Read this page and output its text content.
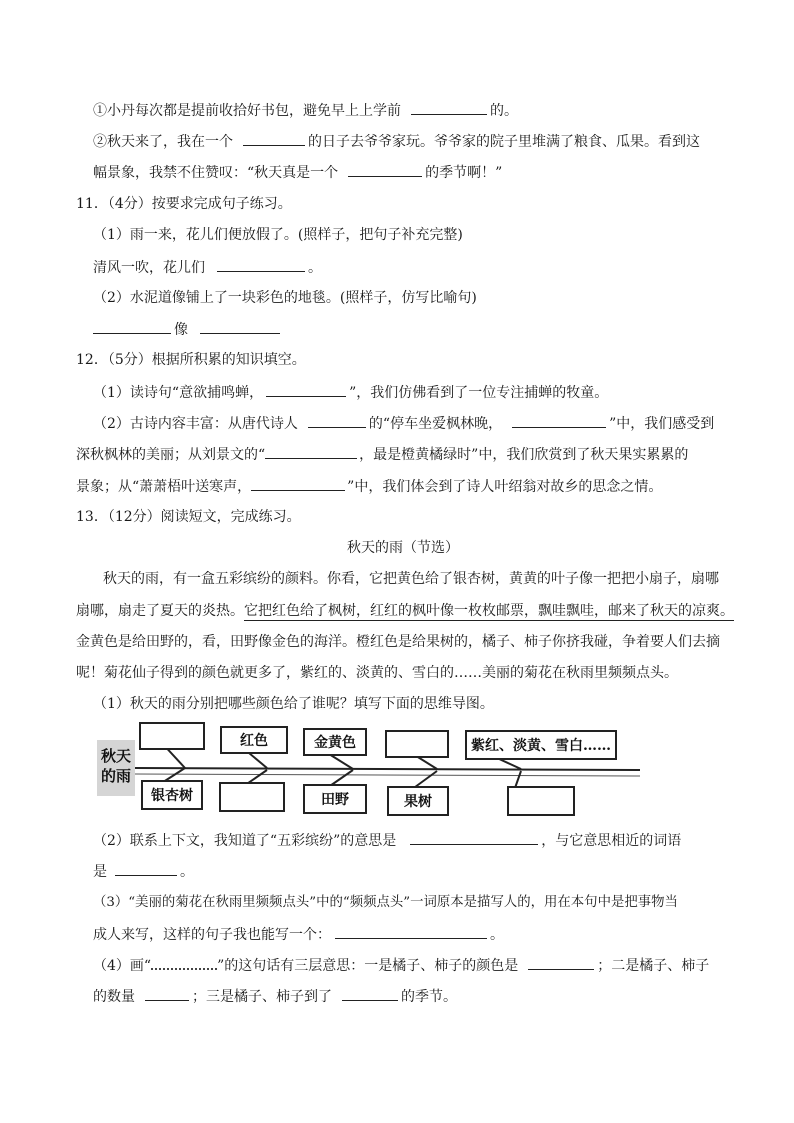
①小丹每次都是提前收拾好书包，避免早上上学前	的。
②秋天来了，我在一个	的日子去爷爷家玩。爷爷家的院子里堆满了粮食、瓜果。看到这
幅景象，我禁不住赞叹：“秋天真是一个	的季节啊！”
11．（4分）按要求完成句子练习。
（1）雨一来，花儿们便放假了。(照样子，把句子补充完整)
清风一吹，花儿们	。
（2）水泥道像铺上了一块彩色的地毯。(照样子，仿写比喻句)
像
12．（5分）根据所积累的知识填空。
（1）读诗句“意欲捕鸣蝉，	”，我们仿佛看到了一位专注捕蝉的牧童。
（2）古诗内容丰富：从唐代诗人	的“停车坐爱枫林晚，	”中，我们感受到
深秋枫林的美丽；从刘景文的“	，最是橙黄橘绿时”中，我们欣赏到了秋天果实累累的
景象；从“萧萧梧叶送寒声，	”中，我们体会到了诗人叶绍翁对故乡的思念之情。
13．（12分）阅读短文，完成练习。
秋天的雨（节选）
秋天的雨，有一盒五彩缤纷的颜料。你看，它把黄色给了银杏树，黄黄的叶子像一把把小扇子，扇哪
扇哪，扇走了夏天的炎热。它把红色给了枫树，红红的枫叶像一枚枚邮票，飘哇飘哇，邮来了秋天的凉爽。
金黄色是给田野的，看，田野像金色的海洋。橙红色是给果树的，橘子、柿子你挤我碰，争着要人们去摘
呢！菊花仙子得到的颜色就更多了，紫红的、淡黄的、雪白的……美丽的菊花在秋雨里频频点头。
（1）秋天的雨分别把哪些颜色给了谁呢？填写下面的思维导图。
秋天的雨
红色	金黄色	紫红、淡黄、雪白……
银杏树	田野	果树
（2）联系上下文，我知道了“五彩缤纷”的意思是	，与它意思相近的词语
是	。
（3）“美丽的菊花在秋雨里频频点头”中的“频频点头”一词原本是描写人的，用在本句中是把事物当
成人来写，这样的句子我也能写一个：	。
（4）画“	”的这句话有三层意思：一是橘子、柿子的颜色是	；二是橘子、柿子
的数量	；三是橘子、柿子到了	的季节。
